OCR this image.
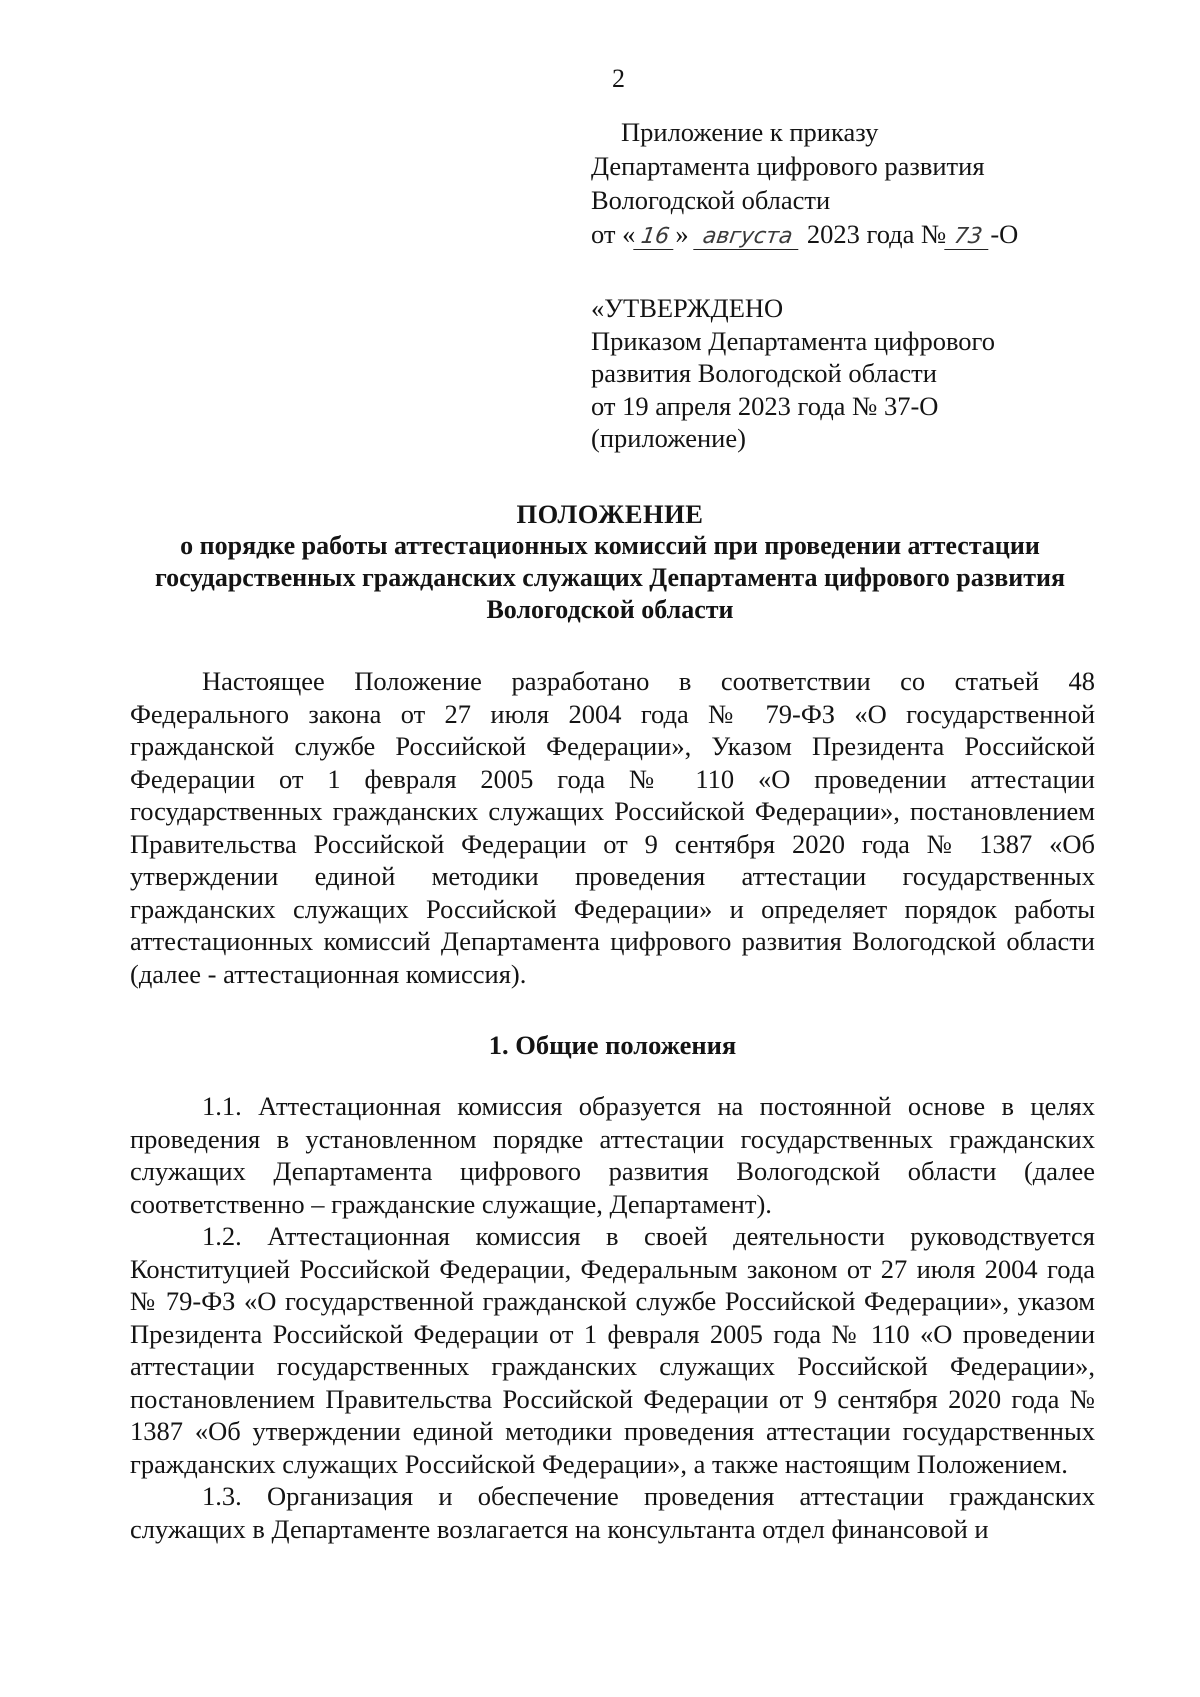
2
Приложение к приказу
Департамента цифрового развития
Вологодской области
от « 16 » августа 2023 года № 73 -О
«УТВЕРЖДЕНО
Приказом Департамента цифрового
развития Вологодской области
от 19 апреля 2023 года № 37-О
(приложение)
ПОЛОЖЕНИЕ
о порядке работы аттестационных комиссий при проведении аттестации государственных гражданских служащих Департамента цифрового развития Вологодской области

Настоящее Положение разработано в соответствии со статьей 48 Федерального закона от 27 июля 2004 года № 79-ФЗ «О государственной гражданской службе Российской Федерации», Указом Президента Российской Федерации от 1 февраля 2005 года № 110 «О проведении аттестации государственных гражданских служащих Российской Федерации», постановлением Правительства Российской Федерации от 9 сентября 2020 года № 1387 «Об утверждении единой методики проведения аттестации государственных гражданских служащих Российской Федерации» и определяет порядок работы аттестационных комиссий Департамента цифрового развития Вологодской области (далее - аттестационная комиссия).

1. Общие положения

1.1. Аттестационная комиссия образуется на постоянной основе в целях проведения в установленном порядке аттестации государственных гражданских служащих Департамента цифрового развития Вологодской области (далее соответственно – гражданские служащие, Департамент).

1.2. Аттестационная комиссия в своей деятельности руководствуется Конституцией Российской Федерации, Федеральным законом от 27 июля 2004 года № 79-ФЗ «О государственной гражданской службе Российской Федерации», указом Президента Российской Федерации от 1 февраля 2005 года № 110 «О проведении аттестации государственных гражданских служащих Российской Федерации», постановлением Правительства Российской Федерации от 9 сентября 2020 года № 1387 «Об утверждении единой методики проведения аттестации государственных гражданских служащих Российской Федерации», а также настоящим Положением.

1.3. Организация и обеспечение проведения аттестации гражданских служащих в Департаменте возлагается на консультанта отдел финансовой и
